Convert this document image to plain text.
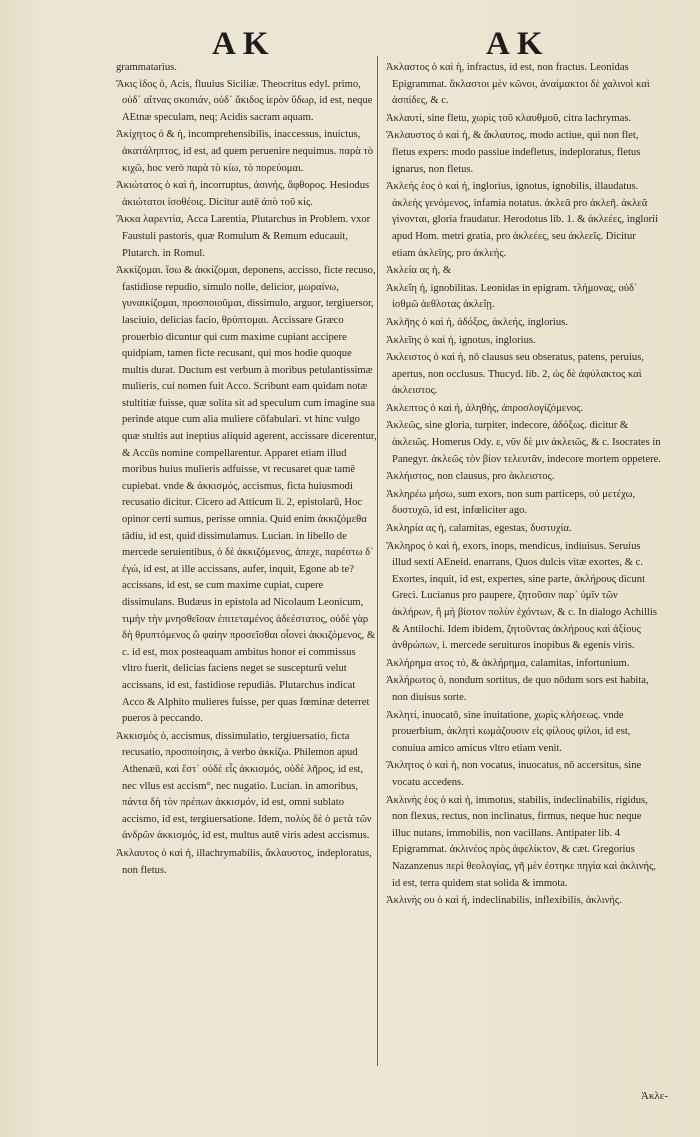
AK	AK
grammatarius.
Ἄκις ἰδος ὁ, Acis, fluuius Siciliæ. Theocritus edyl. primo, οὐδ᾽ αἴτνας σκοπιάν, οὐδ᾽ ἄκιδος ἱερὸν ὕδωρ, id est, neque AEtnæ speculam, neq; Acidis sacram aquam.
Ἀκίχητος ὁ & ἡ, incomprehensibilis, inaccessus, inuictus, ἀκατάληπτος, id est, ad quem peruenire nequimus. παρὰ τὸ κιχῶ, hoc verò παρὰ τὸ κίω, τὸ πορεύομαι.
Ἀκιώτατος ὁ καὶ ἡ, incorruptus, ἀσινής, ἄφθορος. Hesiodus ἀκιώτατοι ἰσοθέοις. Dicitur autē ἀπὸ τοῦ κίς.
Ἄκκα λαρεντία, Acca Larentia, Plutarchus in Problem. vxor Faustuli pastoris, quæ Romulum & Remum educauit, Plutarch. in Romul.
Ἀκκίζομαι. ἴσω & ἀκκίζομαι, deponens, accisso, ficte recuso, fastidiose repudio, simulo nolle, delicior, μωραίνω, γυναικίζομαι, προσποιοῦμαι, dissimulo, arguor, tergiuersor, lasciuio, delicias facio, θρύπτομαι. Accissare Græco prouerbio dicuntur qui cum maxime cupiant accipere quidpiam, tamen ficte recusant, qui mos hodie quoque multis durat. Ductum est verbum à moribus petulantissimæ mulieris, cui nomen fuit Acco. Scribunt eam quidam notæ stultitiæ fuisse, quæ solita sit ad speculum cum imagine sua perinde atque cum alia muliere cōfabulari. vt hinc vulgo quæ stultis aut ineptius aliquid agerent, accissare dicerentur, & Accūs nomine compellarentur. Apparet etiam illud moribus huius mulieris adfuisse, vt recusaret quæ tamē cupiebat. vnde & ἀκκισμός, accismus, ficta huiusmodi recusatio dicitur. Cicero ad Atticum li. 2, epistolarū, Hoc opinor certi sumus, perisse omnia. Quid enim ἀκκιζόμεθα tādiu, id est, quid dissimulamus. Lucian. in libello de mercede seruientibus, ὁ δὲ ἀκκιζόμενος, ἀπεχε, παρέστω δ᾽ ἐγώ, id est, at ille accissans, aufer, inquit, Egone ab te? accissans, id est, se cum maxime cupiat, cupere dissimulans. Budæus in epistola ad Nicolaum Leonicum, τιμὴν τὴν μνησθεῖσαν ἐπιτεταμένος ἀδεέστατος, οὐδὲ γὰρ δὴ θρυπτόμενος ὥ φαίην προσεῖσθαι οἶονεὶ ἀκκιζόμενος, & c. id est, mox posteaquam ambitus honor ei commissus vltro fuerit, delicias faciens neget se suscepturū velut accissans, id est, fastidiose repudiās. Plutarchus indicat Acco & Alphito mulieres fuisse, per quas fœminæ deterret pueros à peccando.
Ἀκκισμὸς ὁ, accismus, dissimulatio, tergiuersatio, ficta recusatio, προσποίησις, à verbo ἀκκίζω. Philemon apud Athenæū, καὶ ἔστ᾽ οὐδὲ εἷς ἀκκισμός, οὐδὲ λῆρος, id est, nec vllus est accism°, nec nugatio. Lucian. in amoribus, πάντα δὴ τὸν πρέπων ἀκκισμόν, id est, omni sublato accismo, id est, tergiuersatione. Idem, πολὺς δὲ ὁ μετὰ τῶν ἀνδρῶν ἀκκισμός, id est, multus autē viris adest accismus.
Ἀκλαυτος ὁ καὶ ἡ, illachrymabilis, ἄκλαυστος, indeploratus, non fletus.
Ἀκλαστος ὁ καὶ ἡ, infractus, id est, non fractus. Leonidas Epigrammat. ἄκλαστοι μὲν κῶνοι, ἀναίμακτοι δὲ χαλινοὶ καὶ ἀσπίδες, & c.
Ἀκλαυτί, sine fletu, χωρὶς τοῦ κλαυθμοῦ, citra lachrymas.
Ἄκλαυστος ὁ καὶ ἡ, & ἄκλαυτος, modo actiue, qui non flet, fletus expers: modo passiue indefletus, indeploratus, fletus ignarus, non fletus.
Ἀκλεὴς ἑος ὁ καὶ ἡ, inglorius, ignotus, ignobilis, illaudatus. ἀκλεὴς γενόμενος, infamia notatus. ἀκλεᾶ pro ἀκλεῆ. ἀκλεᾶ γίνονται, gloria fraudatur. Herodotus lib. 1. & ἀκλεέες, inglorii apud Hom. metri gratia, pro ἀκλεέες, seu ἀκλεεῖς. Dicitur etiam ἀκλεῖης, pro ἀκλεής.
Ἀκλεία ας ἡ, &
Ἀκλεΐη ἡ, ignobilitas. Leonidas in epigram. τλήμονας, οὐδ᾽ ἰσθμῶ ἀεθλοτας ἀκλεΐῃ.
Ἀκλῆης ὁ καὶ ἡ, ἀδόξος, ἀκλεής, inglorius.
Ἀκλεῖης ὁ καὶ ἡ, ignotus, inglorius.
Ἀκλειστος ὁ καὶ ἡ, nō clausus seu obseratus, patens, peruius, apertus, non occlusus. Thucyd. lib. 2, ὡς δὲ ἀφύλακτος καὶ ἀκλειστος.
Ἀκλεπτος ὁ καὶ ἡ, ἀληθής, ἀπροσλογίζόμενος.
Ἀκλεῶς, sine gloria, turpiter, indecore, ἀδόξως. dicitur & ἀκλειῶς. Homerus Ody. ε, νῦν δὲ μιν ἀκλειῶς, & c. Isocrates in Panegyr. ἀκλεῶς τὸν βίον τελευτᾶν, indecore mortem oppetere.
Ἀκλήιστος, non clausus, pro ἀκλειστος.
Ἀκληρέω μήσω, sum exors, non sum particeps, οὐ μετέχω, δυστυχῶ, id est, infœliciter ago.
Ἀκληρία ας ἡ, calamitas, egestas, δυστυχία.
Ἄκληρος ὁ καὶ ἡ, exors, inops, mendicus, indiuisus. Seruius illud sexti AEneid. enarrans, Quos dulcis vitæ exortes, & c. Exortes, inquit, id est, expertes, sine parte, ἀκλήρους dicunt Greci. Lucianus pro paupere, ζητοῦσιν παρ᾽ ὑμῖν τῶν ἀκλήρων, ἢ μὴ βίοτον πολὺν ἐχόντων, & c. In dialogo Achillis & Antilochi. Idem ibidem, ζητοῦντας ἀκλήρους καὶ ἀξίους ἀνθρώπων, i. mercede seruituros inopibus & egenis viris.
Ἀκλήρημα ατος τό, & ἀκλήρημα, calamitas, infortunium.
Ἀκλήρωτος ὁ, nondum sortitus, de quo nōdum sors est habita, non diuisus sorte.
Ἀκλητί, inuocatō, sine inuitatione, χωρὶς κλήσεως. vnde prouerbium, ἀκλητὶ κωμάζουσιν εἰς φίλους φίλοι, id est, conuiua amico amicus vltro etiam venit.
Ἄκλητος ὁ καὶ ἡ, non vocatus, inuocatus, nō accersitus, sine vocatu accedens.
Ἀκλινὴς ἑος ὁ καὶ ἡ, immotus, stabilis, indeclinabilis, rigidus, non flexus, rectus, non inclinatus, firmus, neque huc neque illuc nutans, immobilis, non vacillans. Antipater lib. 4 Epigrammat. ἀκλινέος πρὸς ἀφελίκτον, & cæt. Gregorius Nazanzenus περὶ θεολογίας, γῆ μὲν ἐστηκε πηγία καὶ ἀκλινής, id est, terra quidem stat solida & immota.
Ἀκλινὴς ου ὁ καὶ ἡ, indeclinabilis, inflexibilis, ἀκλινής.
Ἀκλε-
